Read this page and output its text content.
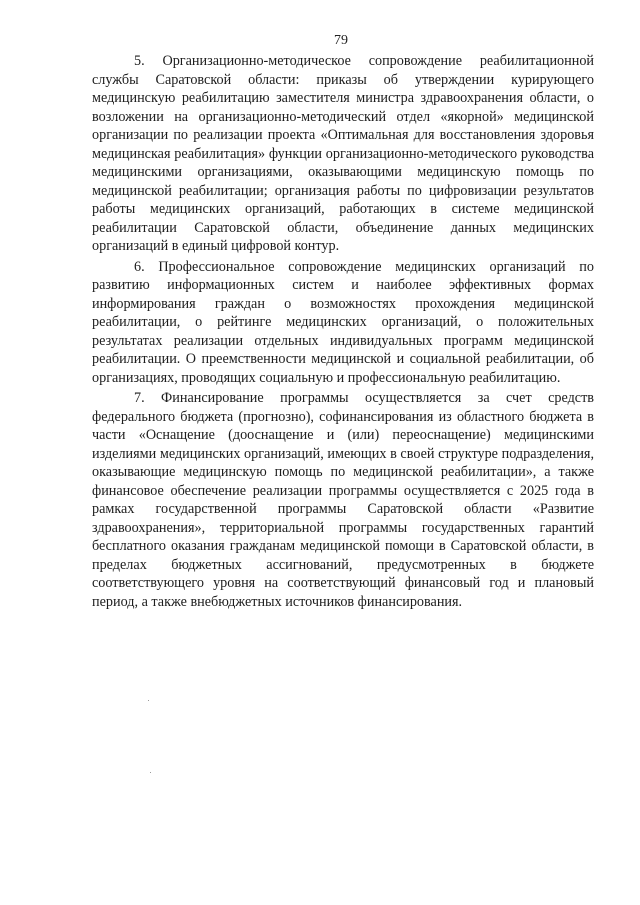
79

5. Организационно-методическое сопровождение реабилитационной службы Саратовской области: приказы об утверждении курирующего медицинскую реабилитацию заместителя министра здравоохранения области, о возложении на организационно-методический отдел «якорной» медицинской организации по реализации проекта «Оптимальная для восстановления здоровья медицинская реабилитация» функции организационно-методического руководства медицинскими организациями, оказывающими медицинскую помощь по медицинской реабилитации; организация работы по цифровизации результатов работы медицинских организаций, работающих в системе медицинской реабилитации Саратовской области, объединение данных медицинских организаций в единый цифровой контур.

6. Профессиональное сопровождение медицинских организаций по развитию информационных систем и наиболее эффективных формах информирования граждан о возможностях прохождения медицинской реабилитации, о рейтинге медицинских организаций, о положительных результатах реализации отдельных индивидуальных программ медицинской реабилитации. О преемственности медицинской и социальной реабилитации, об организациях, проводящих социальную и профессиональную реабилитацию.

7. Финансирование программы осуществляется за счет средств федерального бюджета (прогнозно), софинансирования из областного бюджета в части «Оснащение (дооснащение и (или) переоснащение) медицинскими изделиями медицинских организаций, имеющих в своей структуре подразделения, оказывающие медицинскую помощь по медицинской реабилитации», а также финансовое обеспечение реализации программы осуществляется с 2025 года в рамках государственной программы Саратовской области «Развитие здравоохранения», территориальной программы государственных гарантий бесплатного оказания гражданам медицинской помощи в Саратовской области, в пределах бюджетных ассигнований, предусмотренных в бюджете соответствующего уровня на соответствующий финансовый год и плановый период, а также внебюджетных источников финансирования.
